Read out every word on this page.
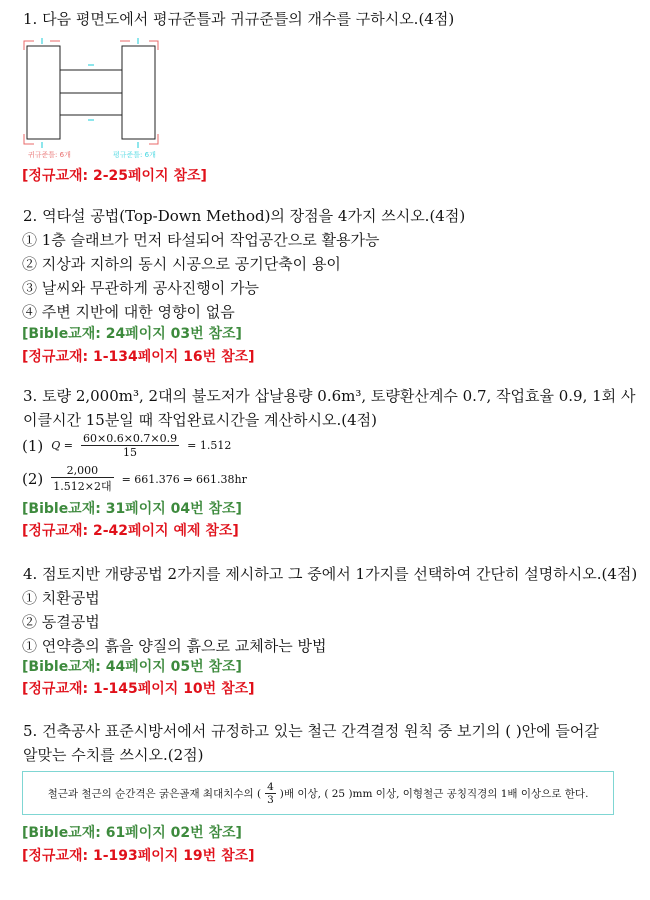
1. 다음 평면도에서 평규준틀과 귀규준틀의 개수를 구하시오.(4점)
귀규준틀: 6개	평규준틀: 6개
[정규교재: 2-25페이지 참조]
2. 역타설 공법(Top-Down Method)의 장점을 4가지 쓰시오.(4점)
① 1층 슬래브가 먼저 타설되어 작업공간으로 활용가능
② 지상과 지하의 동시 시공으로 공기단축이 용이
③ 날씨와 무관하게 공사진행이 가능
④ 주변 지반에 대한 영향이 없음
[Bible교재: 24페이지 03번 참조]
[정규교재: 1-134페이지 16번 참조]
3. 토량 2,000m³, 2대의 불도저가 삽날용량 0.6m³, 토량환산계수 0.7, 작업효율 0.9, 1회 사
이클시간 15분일 때 작업완료시간을 계산하시오.(4점)
(1) $Q = \frac{60\times 0.6\times 0.7\times 0.9}{15} = 1.512$
$(2) \frac{2,000}{\text{1.512×2대}} = 661.376$ ⇒ 661.38hr
[Bible교재: 31페이지 04번 참조]
[정규교재: 2-42페이지 예제 참조]
4. 점토지반 개량공법 2가지를 제시하고 그 중에서 1가지를 선택하여 간단히 설명하시오.(4점)
① 치환공법
② 동결공법
① 연약층의 흙을 양질의 흙으로 교체하는 방법
[Bible교재: 44페이지 05번 참조]
[정규교재: 1-145페이지 10번 참조]
5. 건축공사 표준시방서에서 규정하고 있는 철근 간격결정 원칙 중 보기의 ( )안에 들어갈
알맞는 수치를 쓰시오.(2점)
철근과 철근의 순간격은 굵은골재 최대치수의 ( $\frac{4}{3}$ )배 이상, ( 25 )mm 이상, 이형철근 공칭직경의 1배 이상으로 한다.
[Bible교재: 61페이지 02번 참조]
[정규교재: 1-193페이지 19번 참조]
